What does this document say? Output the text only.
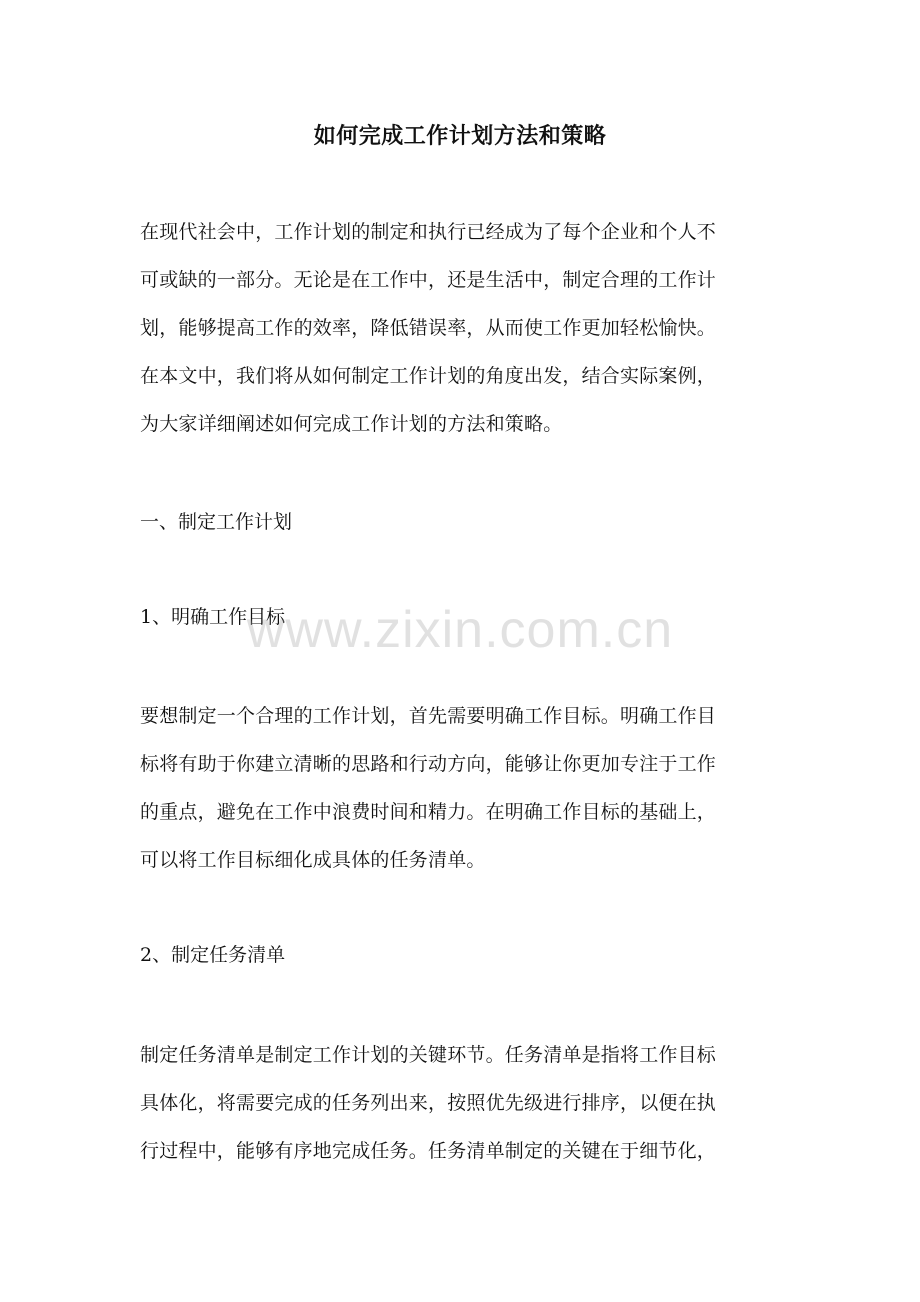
如何完成工作计划方法和策略

在现代社会中，工作计划的制定和执行已经成为了每个企业和个人不
可或缺的一部分。无论是在工作中，还是生活中，制定合理的工作计
划，能够提高工作的效率，降低错误率，从而使工作更加轻松愉快。
在本文中，我们将从如何制定工作计划的角度出发，结合实际案例，
为大家详细阐述如何完成工作计划的方法和策略。

一、制定工作计划
1、明确工作目标

要想制定一个合理的工作计划，首先需要明确工作目标。明确工作目
标将有助于你建立清晰的思路和行动方向，能够让你更加专注于工作
的重点，避免在工作中浪费时间和精力。在明确工作目标的基础上，
可以将工作目标细化成具体的任务清单。

2、制定任务清单

制定任务清单是制定工作计划的关键环节。任务清单是指将工作目标
具体化，将需要完成的任务列出来，按照优先级进行排序，以便在执
行过程中，能够有序地完成任务。任务清单制定的关键在于细节化，

www.zixin.com.cn
